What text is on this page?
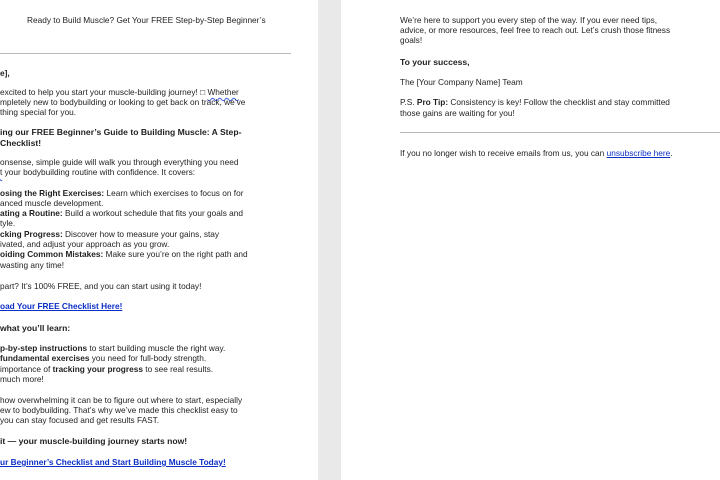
Ready to Build Muscle? Get Your FREE Step-by-Step Beginner’s
e],
excited to help you start your muscle-building journey! □ Whether
mpletely new to bodybuilding or looking to get back on track, we’ve
thing special for you.
ing our FREE Beginner’s Guide to Building Muscle: A Step-
Checklist!
onsense, simple guide will walk you through everything you need
t your bodybuilding routine with confidence. It covers:
osing the Right Exercises: Learn which exercises to focus on for
anced muscle development.
ating a Routine: Build a workout schedule that fits your goals and
tyle.
cking Progress: Discover how to measure your gains, stay
ivated, and adjust your approach as you grow.
oiding Common Mistakes: Make sure you’re on the right path and
wasting any time!
part? It’s 100% FREE, and you can start using it today!
oad Your FREE Checklist Here!
what you’ll learn:
p-by-step instructions to start building muscle the right way.
fundamental exercises you need for full-body strength.
importance of tracking your progress to see real results.
much more!
how overwhelming it can be to figure out where to start, especially
ew to bodybuilding. That’s why we’ve made this checklist easy to
you can stay focused and get results FAST.
it — your muscle-building journey starts now!
ur Beginner’s Checklist and Start Building Muscle Today!
We’re here to support you every step of the way. If you ever need tips,
advice, or more resources, feel free to reach out. Let’s crush those fitness
goals!
To your success,
The [Your Company Name] Team
P.S. Pro Tip: Consistency is key! Follow the checklist and stay committed
those gains are waiting for you!
If you no longer wish to receive emails from us, you can unsubscribe here.
